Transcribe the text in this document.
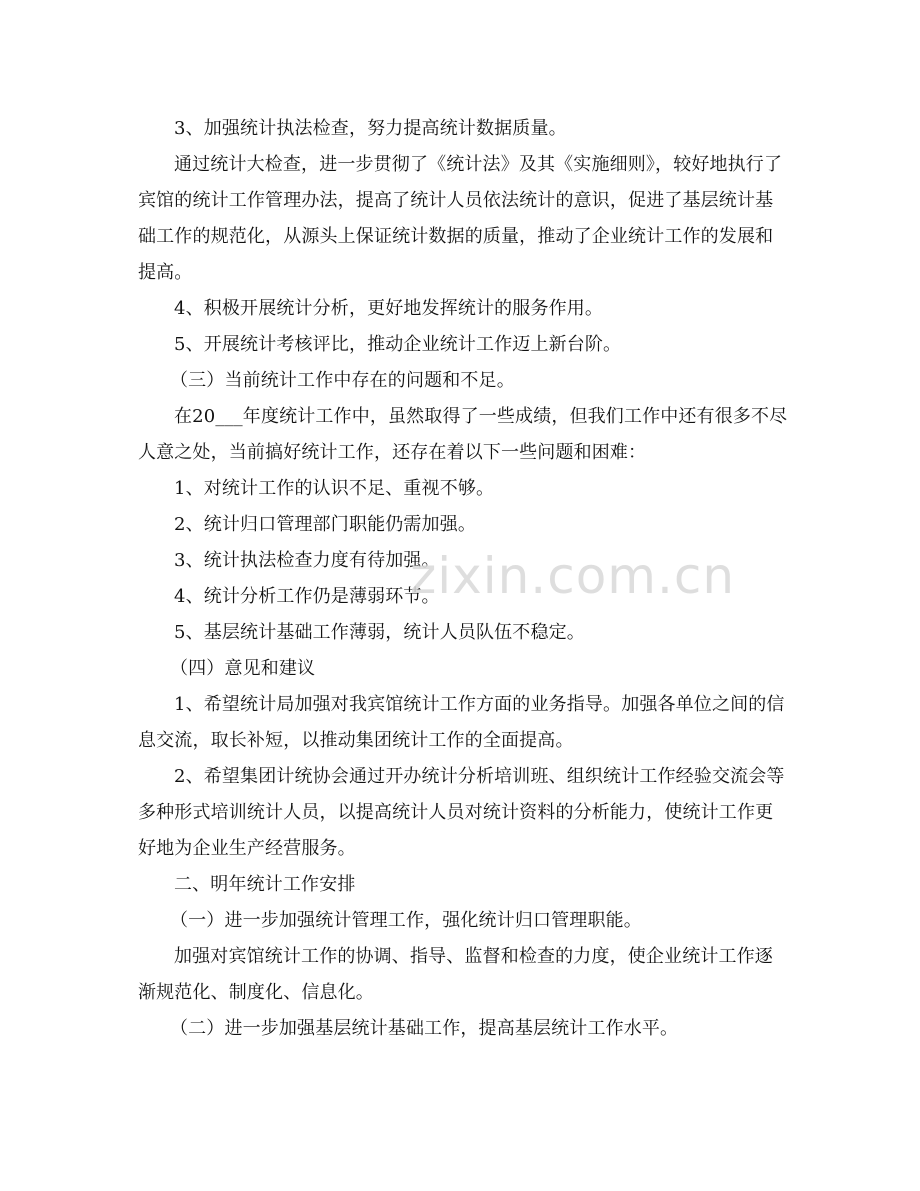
3、加强统计执法检查，努力提高统计数据质量。

通过统计大检查，进一步贯彻了《统计法》及其《实施细则》，较好地执行了宾馆的统计工作管理办法，提高了统计人员依法统计的意识，促进了基层统计基础工作的规范化，从源头上保证统计数据的质量，推动了企业统计工作的发展和提高。

4、积极开展统计分析，更好地发挥统计的服务作用。

5、开展统计考核评比，推动企业统计工作迈上新台阶。

（三）当前统计工作中存在的问题和不足。

在20___年度统计工作中，虽然取得了一些成绩，但我们工作中还有很多不尽人意之处，当前搞好统计工作，还存在着以下一些问题和困难：

1、对统计工作的认识不足、重视不够。

2、统计归口管理部门职能仍需加强。

3、统计执法检查力度有待加强。

4、统计分析工作仍是薄弱环节。

5、基层统计基础工作薄弱，统计人员队伍不稳定。

（四）意见和建议

1、希望统计局加强对我宾馆统计工作方面的业务指导。加强各单位之间的信息交流，取长补短，以推动集团统计工作的全面提高。

2、希望集团计统协会通过开办统计分析培训班、组织统计工作经验交流会等多种形式培训统计人员，以提高统计人员对统计资料的分析能力，使统计工作更好地为企业生产经营服务。

二、明年统计工作安排

（一）进一步加强统计管理工作，强化统计归口管理职能。

加强对宾馆统计工作的协调、指导、监督和检查的力度，使企业统计工作逐渐规范化、制度化、信息化。

（二）进一步加强基层统计基础工作，提高基层统计工作水平。

zixin.com.cn
